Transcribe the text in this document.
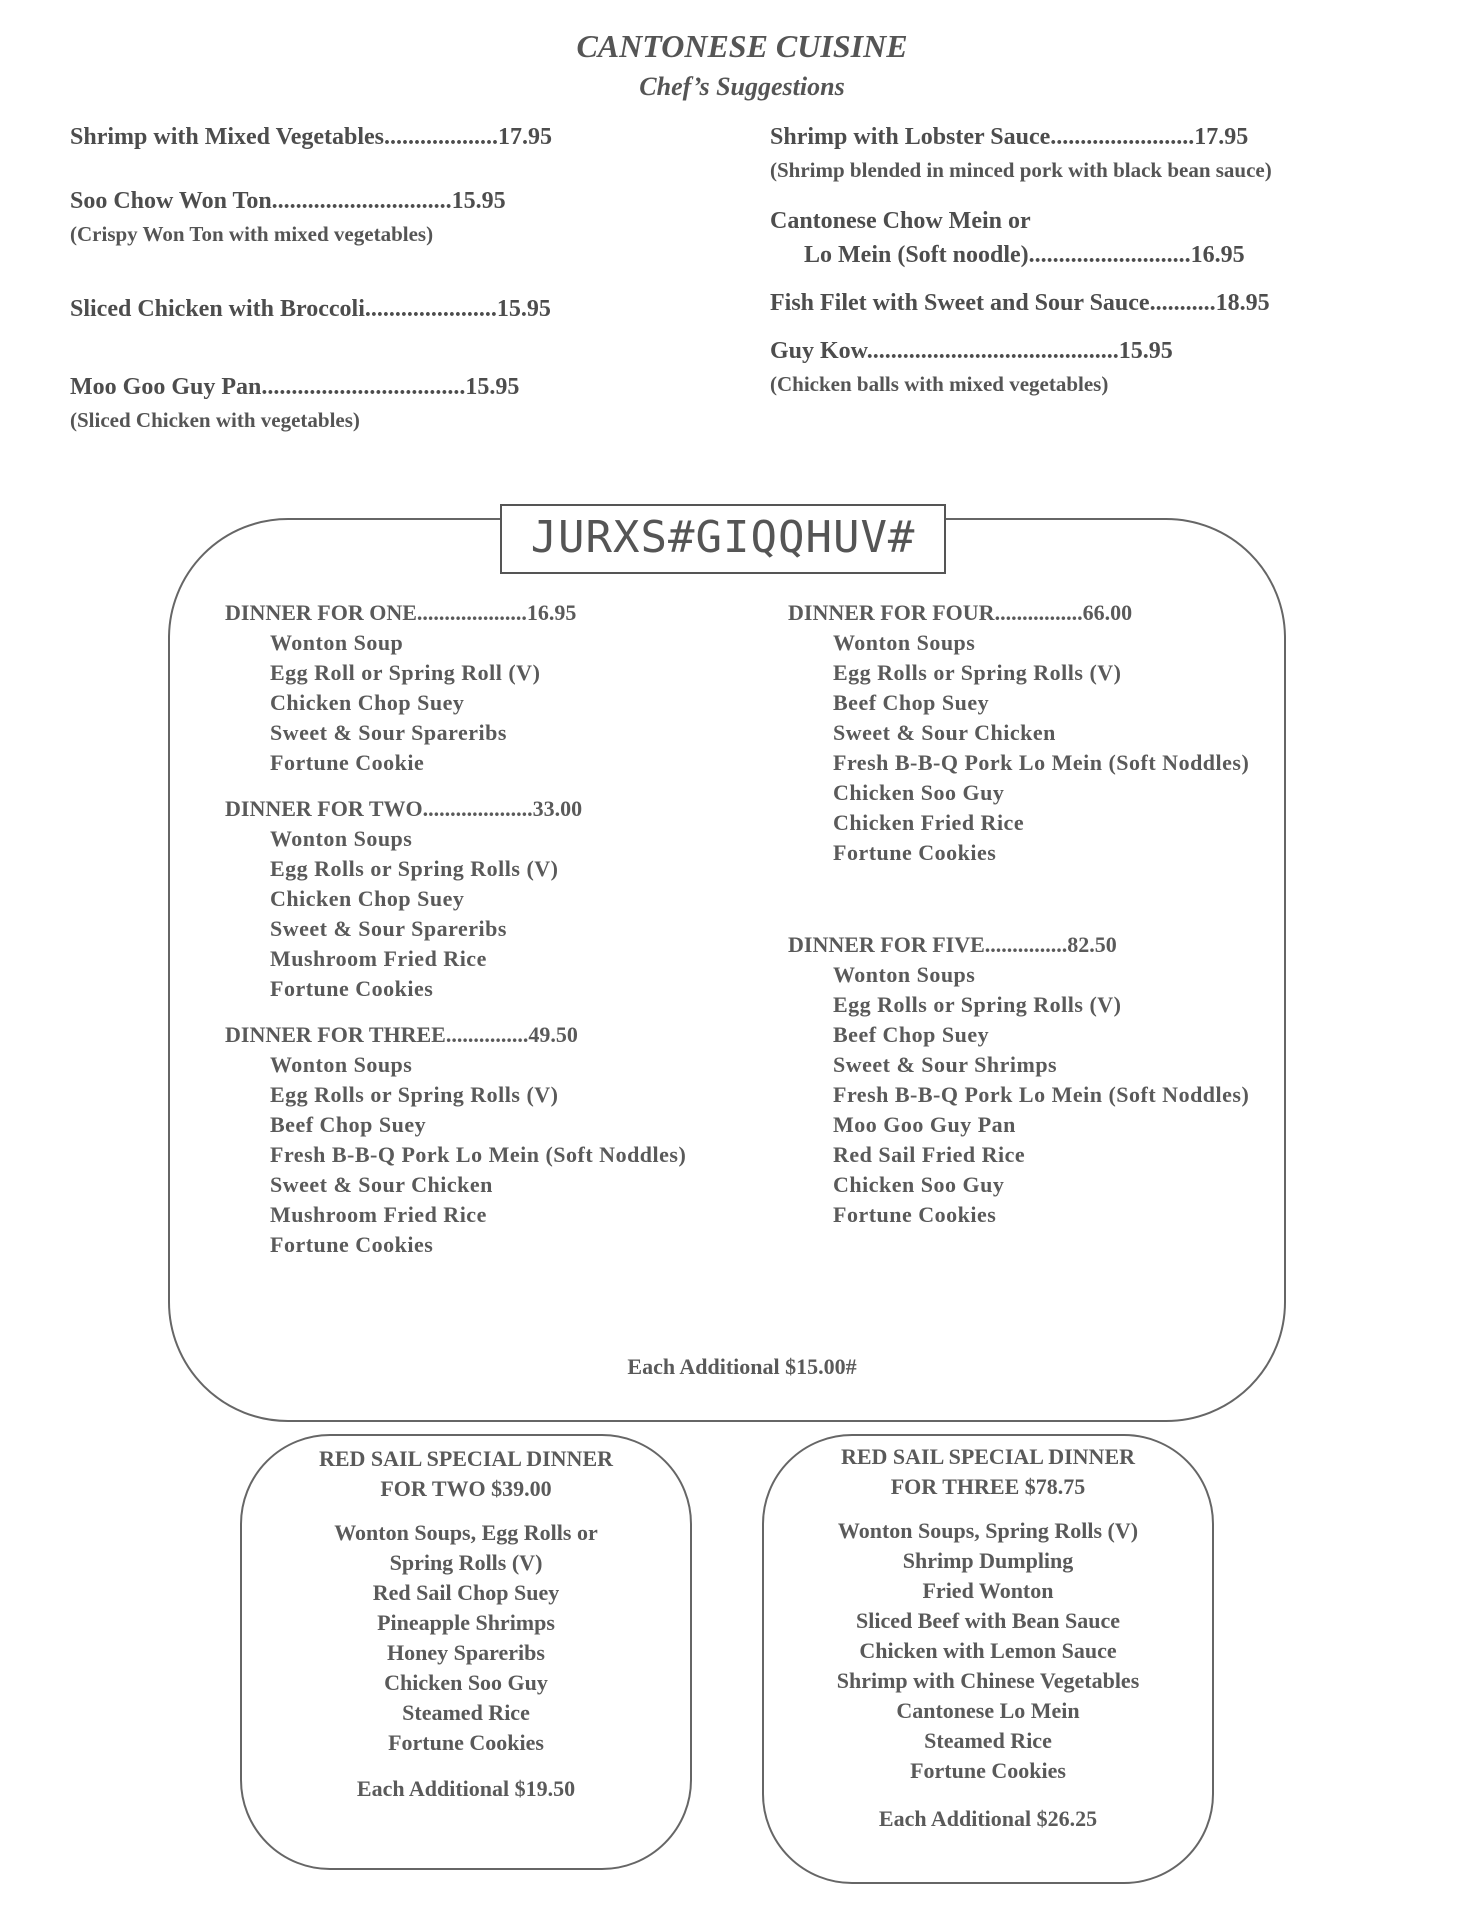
CANTONESE CUISINE
Chef’s Suggestions
Shrimp with Mixed Vegetables...................17.95
Soo Chow Won Ton..............................15.95
(Crispy Won Ton with mixed vegetables)
Sliced Chicken with Broccoli......................15.95
Moo Goo Guy Pan..................................15.95
(Sliced Chicken with vegetables)
Shrimp with Lobster Sauce........................17.95
(Shrimp blended in minced pork with black bean sauce)
Cantonese Chow Mein or
Lo Mein (Soft noodle)...........................16.95
Fish Filet with Sweet and Sour Sauce...........18.95
Guy Kow..........................................15.95
(Chicken balls with mixed vegetables)
JURXS#GIQQHUV#
DINNER FOR ONE....................16.95
Wonton Soup
Egg Roll or Spring Roll (V)
Chicken Chop Suey
Sweet & Sour Spareribs
Fortune Cookie
DINNER FOR TWO....................33.00
Wonton Soups
Egg Rolls or Spring Rolls (V)
Chicken Chop Suey
Sweet & Sour Spareribs
Mushroom Fried Rice
Fortune Cookies
DINNER FOR THREE...............49.50
Wonton Soups
Egg Rolls or Spring Rolls (V)
Beef Chop Suey
Fresh B-B-Q Pork Lo Mein (Soft Noddles)
Sweet & Sour Chicken
Mushroom Fried Rice
Fortune Cookies
DINNER FOR FOUR................66.00
Wonton Soups
Egg Rolls or Spring Rolls (V)
Beef Chop Suey
Sweet & Sour Chicken
Fresh B-B-Q Pork Lo Mein (Soft Noddles)
Chicken Soo Guy
Chicken Fried Rice
Fortune Cookies
DINNER FOR FIVE...............82.50
Wonton Soups
Egg Rolls or Spring Rolls (V)
Beef Chop Suey
Sweet & Sour Shrimps
Fresh B-B-Q Pork Lo Mein (Soft Noddles)
Moo Goo Guy Pan
Red Sail Fried Rice
Chicken Soo Guy
Fortune Cookies
Each Additional $15.00#
RED SAIL SPECIAL DINNER
FOR TWO $39.00
Wonton Soups, Egg Rolls or
Spring Rolls (V)
Red Sail Chop Suey
Pineapple Shrimps
Honey Spareribs
Chicken Soo Guy
Steamed Rice
Fortune Cookies
Each Additional $19.50
RED SAIL SPECIAL DINNER
FOR THREE $78.75
Wonton Soups, Spring Rolls (V)
Shrimp Dumpling
Fried Wonton
Sliced Beef with Bean Sauce
Chicken with Lemon Sauce
Shrimp with Chinese Vegetables
Cantonese Lo Mein
Steamed Rice
Fortune Cookies
Each Additional $26.25
